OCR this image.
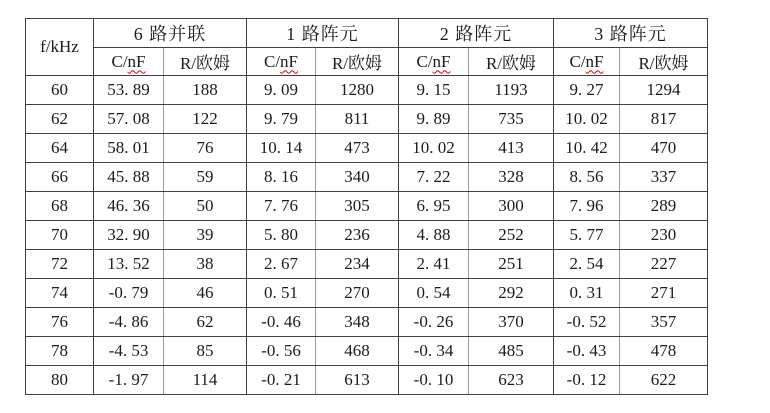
f/kHz	6 路并联		1 路阵元		2 路阵元		3 路阵元	
	C/nF	R/欧姆	C/nF	R/欧姆	C/nF	R/欧姆	C/nF	R/欧姆
60	53. 89	188	9. 09	1280	9. 15	1193	9. 27	1294
62	57. 08	122	9. 79	811	9. 89	735	10. 02	817
64	58. 01	76	10. 14	473	10. 02	413	10. 42	470
66	45. 88	59	8. 16	340	7. 22	328	8. 56	337
68	46. 36	50	7. 76	305	6. 95	300	7. 96	289
70	32. 90	39	5. 80	236	4. 88	252	5. 77	230
72	13. 52	38	2. 67	234	2. 41	251	2. 54	227
74	-0. 79	46	0. 51	270	0. 54	292	0. 31	271
76	-4. 86	62	-0. 46	348	-0. 26	370	-0. 52	357
78	-4. 53	85	-0. 56	468	-0. 34	485	-0. 43	478
80	-1. 97	114	-0. 21	613	-0. 10	623	-0. 12	622
